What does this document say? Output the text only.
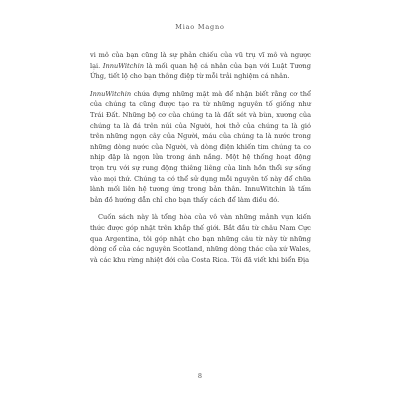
Miao Magno

vi mô của bạn cũng là sự phản chiếu của vũ trụ vĩ mô và ngược lại. InnuWitchin là mối quan hệ cá nhân của bạn với Luật Tương Ứng, tiết lộ cho bạn thông điệp từ mỗi trải nghiệm cá nhân.

InnuWitchin chứa đựng những mặt mà để nhận biết rằng cơ thể của chúng ta cũng được tạo ra từ những nguyên tố giống như Trái Đất. Những bộ cơ của chúng ta là đất sét và bùn, xương của chúng ta là đá trên núi của Người, hơi thở của chúng ta là gió trên những ngọn cây của Người, máu của chúng ta là nước trong những dòng nước của Người, và dòng điện khiến tim chúng ta co nhịp đập là ngọn lửa trong ánh nắng. Một hệ thống hoạt động trọn trụ với sự rung động thiêng liêng của linh hồn thổi sự sống vào mọi thứ. Chúng ta có thể sử dụng mỗi nguyên tố này để chữa lành mối liên hệ tương ứng trong bản thân. InnuWitchin là tấm bản đồ hướng dẫn chỉ cho bạn thấy cách để làm điều đó.

Cuốn sách này là tổng hòa của vô vàn những mảnh vụn kiến thức được góp nhặt trên khắp thế giới. Bắt đầu từ châu Nam Cực qua Argentina, tôi góp nhặt cho bạn những câu từ này từ những dòng cổ của các nguyên Scotland, những dòng thác của xứ Wales, và các khu rừng nhiệt đới của Costa Rica. Tôi đã viết khi biển Địa

8
